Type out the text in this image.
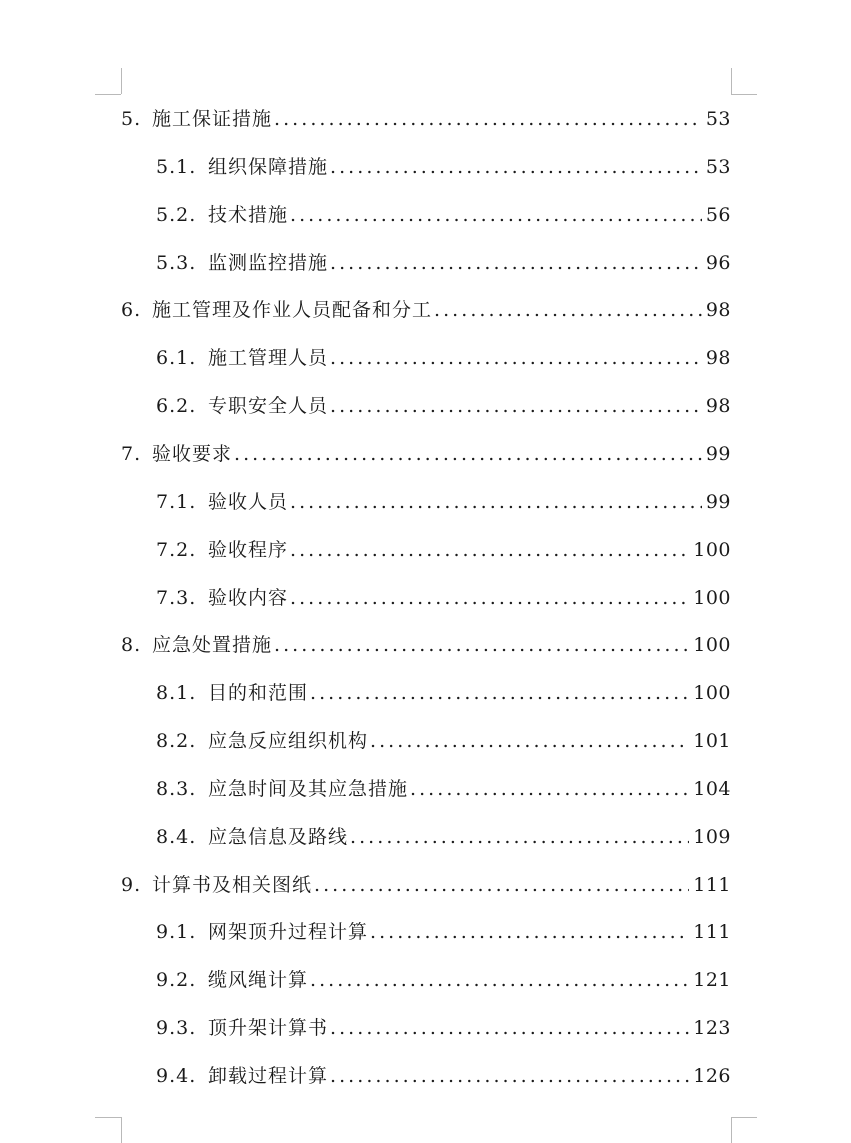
5. 施工保证措施 . . .	53
5.1. 组织保障措施 . . .	53
5.2. 技术措施 . . .	56
5.3. 监测监控措施 . . .	96
6. 施工管理及作业人员配备和分工 . . .	98
6.1. 施工管理人员 . . .	98
6.2. 专职安全人员 . . .	98
7. 验收要求 . . .	99
7.1. 验收人员 . . .	99
7.2. 验收程序 . . .	100
7.3. 验收内容 . . .	100
8. 应急处置措施 . . .	100
8.1. 目的和范围 . . .	100
8.2. 应急反应组织机构 . . .	101
8.3. 应急时间及其应急措施 . . .	104
8.4. 应急信息及路线 . . .	109
9. 计算书及相关图纸 . . .	111
9.1. 网架顶升过程计算 . . .	111
9.2. 缆风绳计算 . . .	121
9.3. 顶升架计算书 . . .	123
9.4. 卸载过程计算 . . .	126
